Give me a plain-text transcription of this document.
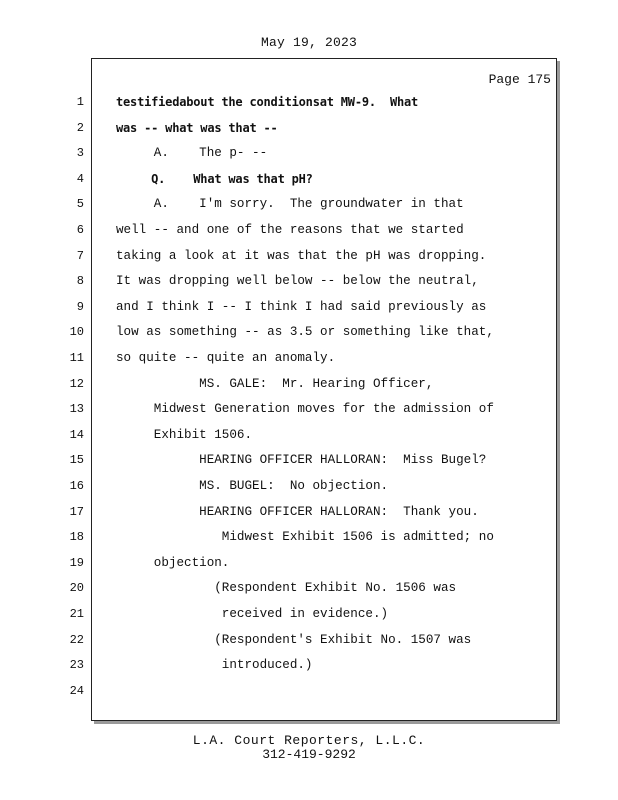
May 19, 2023
Page 175
1
2
3
4
5
6
7
8
9
10
11
12
13
14
15
16
17
18
19
20
21
22
23
24
testifiedabout the conditionsat MW-9.  What
was -- what was that --
A.    The p- --
Q.    What was that pH?
A.    I'm sorry.  The groundwater in that
well -- and one of the reasons that we started
taking a look at it was that the pH was dropping.
It was dropping well below -- below the neutral,
and I think I -- I think I had said previously as
low as something -- as 3.5 or something like that,
so quite -- quite an anomaly.
MS. GALE:  Mr. Hearing Officer,
Midwest Generation moves for the admission of
Exhibit 1506.
HEARING OFFICER HALLORAN:  Miss Bugel?
MS. BUGEL:  No objection.
HEARING OFFICER HALLORAN:  Thank you.
Midwest Exhibit 1506 is admitted; no
objection.
(Respondent Exhibit No. 1506 was
received in evidence.)
(Respondent's Exhibit No. 1507 was
introduced.)
L.A. Court Reporters, L.L.C.
312-419-9292
